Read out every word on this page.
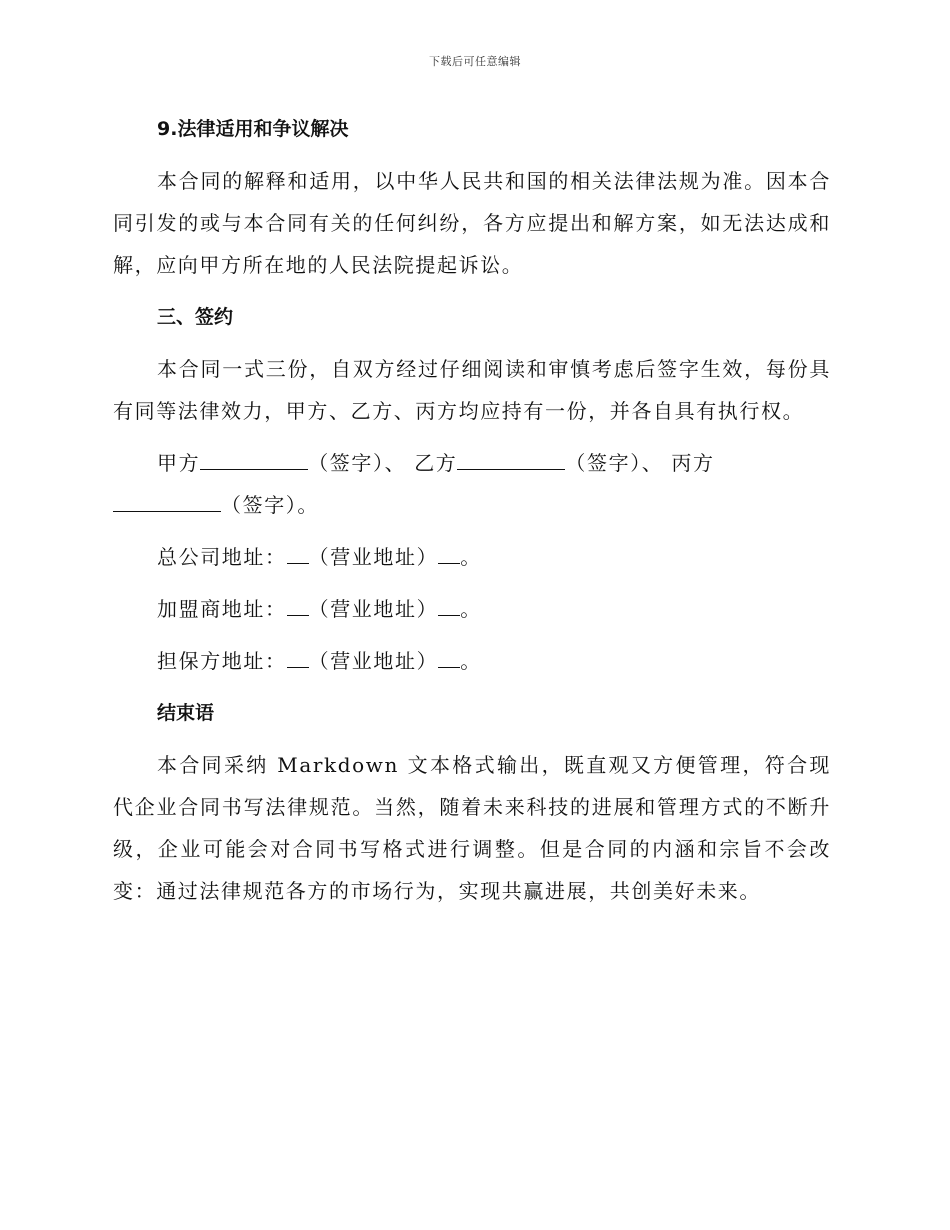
下载后可任意编辑
9.法律适用和争议解决

本合同的解释和适用，以中华人民共和国的相关法律法规为准。因本合同引发的或与本合同有关的任何纠纷，各方应提出和解方案，如无法达成和解，应向甲方所在地的人民法院提起诉讼。

三、签约

本合同一式三份，自双方经过仔细阅读和审慎考虑后签字生效，每份具有同等法律效力，甲方、乙方、丙方均应持有一份，并各自具有执行权。

甲方	（签字）、 乙方	（签字）、 丙方

（签字）。

总公司地址： （营业地址） 。

加盟商地址： （营业地址） 。

担保方地址： （营业地址） 。

结束语

本合同采纳 Markdown 文本格式输出，既直观又方便管理，符合现代企业合同书写法律规范。当然，随着未来科技的进展和管理方式的不断升级，企业可能会对合同书写格式进行调整。但是合同的内涵和宗旨不会改变：通过法律规范各方的市场行为，实现共赢进展，共创美好未来。
